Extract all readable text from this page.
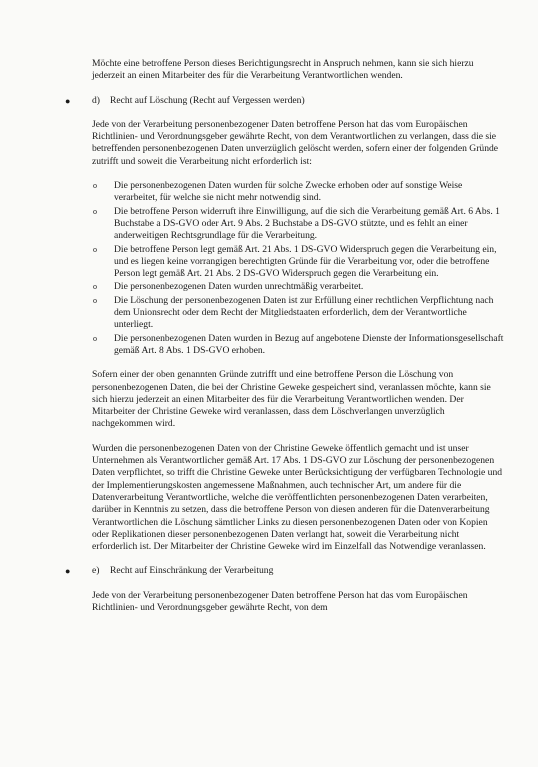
Möchte eine betroffene Person dieses Berichtigungsrecht in Anspruch nehmen, kann sie sich hierzu jederzeit an einen Mitarbeiter des für die Verarbeitung Verantwortlichen wenden.

● d) Recht auf Löschung (Recht auf Vergessen werden)

Jede von der Verarbeitung personenbezogener Daten betroffene Person hat das vom Europäischen Richtlinien- und Verordnungsgeber gewährte Recht, von dem Verantwortlichen zu verlangen, dass die sie betreffenden personenbezogenen Daten unverzüglich gelöscht werden, sofern einer der folgenden Gründe zutrifft und soweit die Verarbeitung nicht erforderlich ist:

o Die personenbezogenen Daten wurden für solche Zwecke erhoben oder auf sonstige Weise verarbeitet, für welche sie nicht mehr notwendig sind.
o Die betroffene Person widerruft ihre Einwilligung, auf die sich die Verarbeitung gemäß Art. 6 Abs. 1 Buchstabe a DS-GVO oder Art. 9 Abs. 2 Buchstabe a DS-GVO stützte, und es fehlt an einer anderweitigen Rechtsgrundlage für die Verarbeitung.
o Die betroffene Person legt gemäß Art. 21 Abs. 1 DS-GVO Widerspruch gegen die Verarbeitung ein, und es liegen keine vorrangigen berechtigten Gründe für die Verarbeitung vor, oder die betroffene Person legt gemäß Art. 21 Abs. 2 DS-GVO Widerspruch gegen die Verarbeitung ein.
o Die personenbezogenen Daten wurden unrechtmäßig verarbeitet.
o Die Löschung der personenbezogenen Daten ist zur Erfüllung einer rechtlichen Verpflichtung nach dem Unionsrecht oder dem Recht der Mitgliedstaaten erforderlich, dem der Verantwortliche unterliegt.
o Die personenbezogenen Daten wurden in Bezug auf angebotene Dienste der Informationsgesellschaft gemäß Art. 8 Abs. 1 DS-GVO erhoben.

Sofern einer der oben genannten Gründe zutrifft und eine betroffene Person die Löschung von personenbezogenen Daten, die bei der Christine Geweke gespeichert sind, veranlassen möchte, kann sie sich hierzu jederzeit an einen Mitarbeiter des für die Verarbeitung Verantwortlichen wenden. Der Mitarbeiter der Christine Geweke wird veranlassen, dass dem Löschverlangen unverzüglich nachgekommen wird.

Wurden die personenbezogenen Daten von der Christine Geweke öffentlich gemacht und ist unser Unternehmen als Verantwortlicher gemäß Art. 17 Abs. 1 DS-GVO zur Löschung der personenbezogenen Daten verpflichtet, so trifft die Christine Geweke unter Berücksichtigung der verfügbaren Technologie und der Implementierungskosten angemessene Maßnahmen, auch technischer Art, um andere für die Datenverarbeitung Verantwortliche, welche die veröffentlichten personenbezogenen Daten verarbeiten, darüber in Kenntnis zu setzen, dass die betroffene Person von diesen anderen für die Datenverarbeitung Verantwortlichen die Löschung sämtlicher Links zu diesen personenbezogenen Daten oder von Kopien oder Replikationen dieser personenbezogenen Daten verlangt hat, soweit die Verarbeitung nicht erforderlich ist. Der Mitarbeiter der Christine Geweke wird im Einzelfall das Notwendige veranlassen.

● e) Recht auf Einschränkung der Verarbeitung

Jede von der Verarbeitung personenbezogener Daten betroffene Person hat das vom Europäischen Richtlinien- und Verordnungsgeber gewährte Recht, von dem
